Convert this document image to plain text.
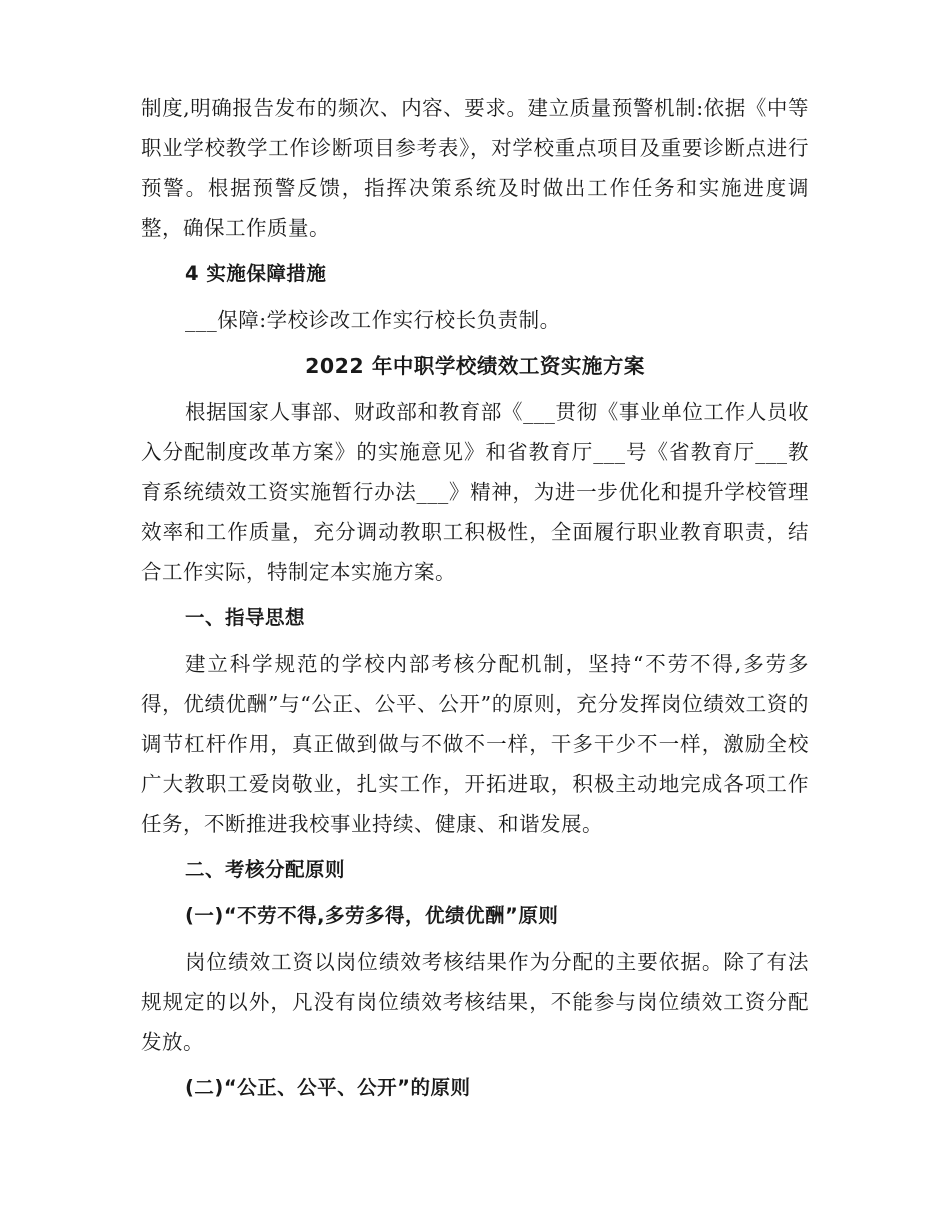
制度,明确报告发布的频次、内容、要求。建立质量预警机制:依据《中等职业学校教学工作诊断项目参考表》，对学校重点项目及重要诊断点进行预警。根据预警反馈，指挥决策系统及时做出工作任务和实施进度调整，确保工作质量。

4 实施保障措施

___保障:学校诊改工作实行校长负责制。

2022 年中职学校绩效工资实施方案

根据国家人事部、财政部和教育部《___贯彻《事业单位工作人员收入分配制度改革方案》的实施意见》和省教育厅___号《省教育厅___教育系统绩效工资实施暂行办法___》精神，为进一步优化和提升学校管理效率和工作质量，充分调动教职工积极性，全面履行职业教育职责，结合工作实际，特制定本实施方案。

一、指导思想

建立科学规范的学校内部考核分配机制，坚持“不劳不得,多劳多得，优绩优酬”与“公正、公平、公开”的原则，充分发挥岗位绩效工资的调节杠杆作用，真正做到做与不做不一样，干多干少不一样，激励全校广大教职工爱岗敬业，扎实工作，开拓进取，积极主动地完成各项工作任务，不断推进我校事业持续、健康、和谐发展。

二、考核分配原则

(一)“不劳不得,多劳多得，优绩优酬”原则

岗位绩效工资以岗位绩效考核结果作为分配的主要依据。除了有法规规定的以外，凡没有岗位绩效考核结果，不能参与岗位绩效工资分配发放。

(二)“公正、公平、公开”的原则
